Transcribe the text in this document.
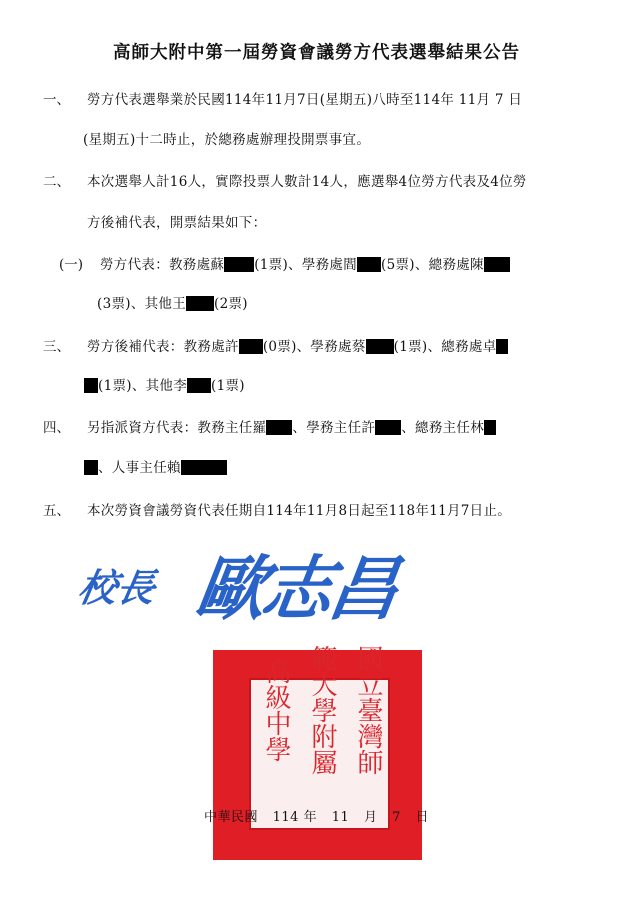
高師大附中第一屆勞資會議勞方代表選舉結果公告
一、 勞方代表選舉業於民國114年11月7日(星期五)八時至114年 11月 7 日
(星期五)十二時止，於總務處辦理投開票事宜。
二、 本次選舉人計16人，實際投票人數計14人，應選舉4位勞方代表及4位勞
方後補代表，開票結果如下：
(一) 勞方代表：教務處蘇 (1票)、學務處閻 (5票)、總務處陳
(3票)、其他王 (2票)
三、 勞方後補代表：教務處許 (0票)、學務處蔡 (1票)、總務處卓
(1票)、其他李 (1票)
四、 另指派資方代表：教務主任羅 、學務主任許 、總務主任林
、人事主任賴
五、 本次勞資會議勞資代表任期自114年11月8日起至118年11月7日止。
校長 歐志昌
國立臺灣師
範大學附屬
高級中學
中華民國 114 年 11 月 7 日
